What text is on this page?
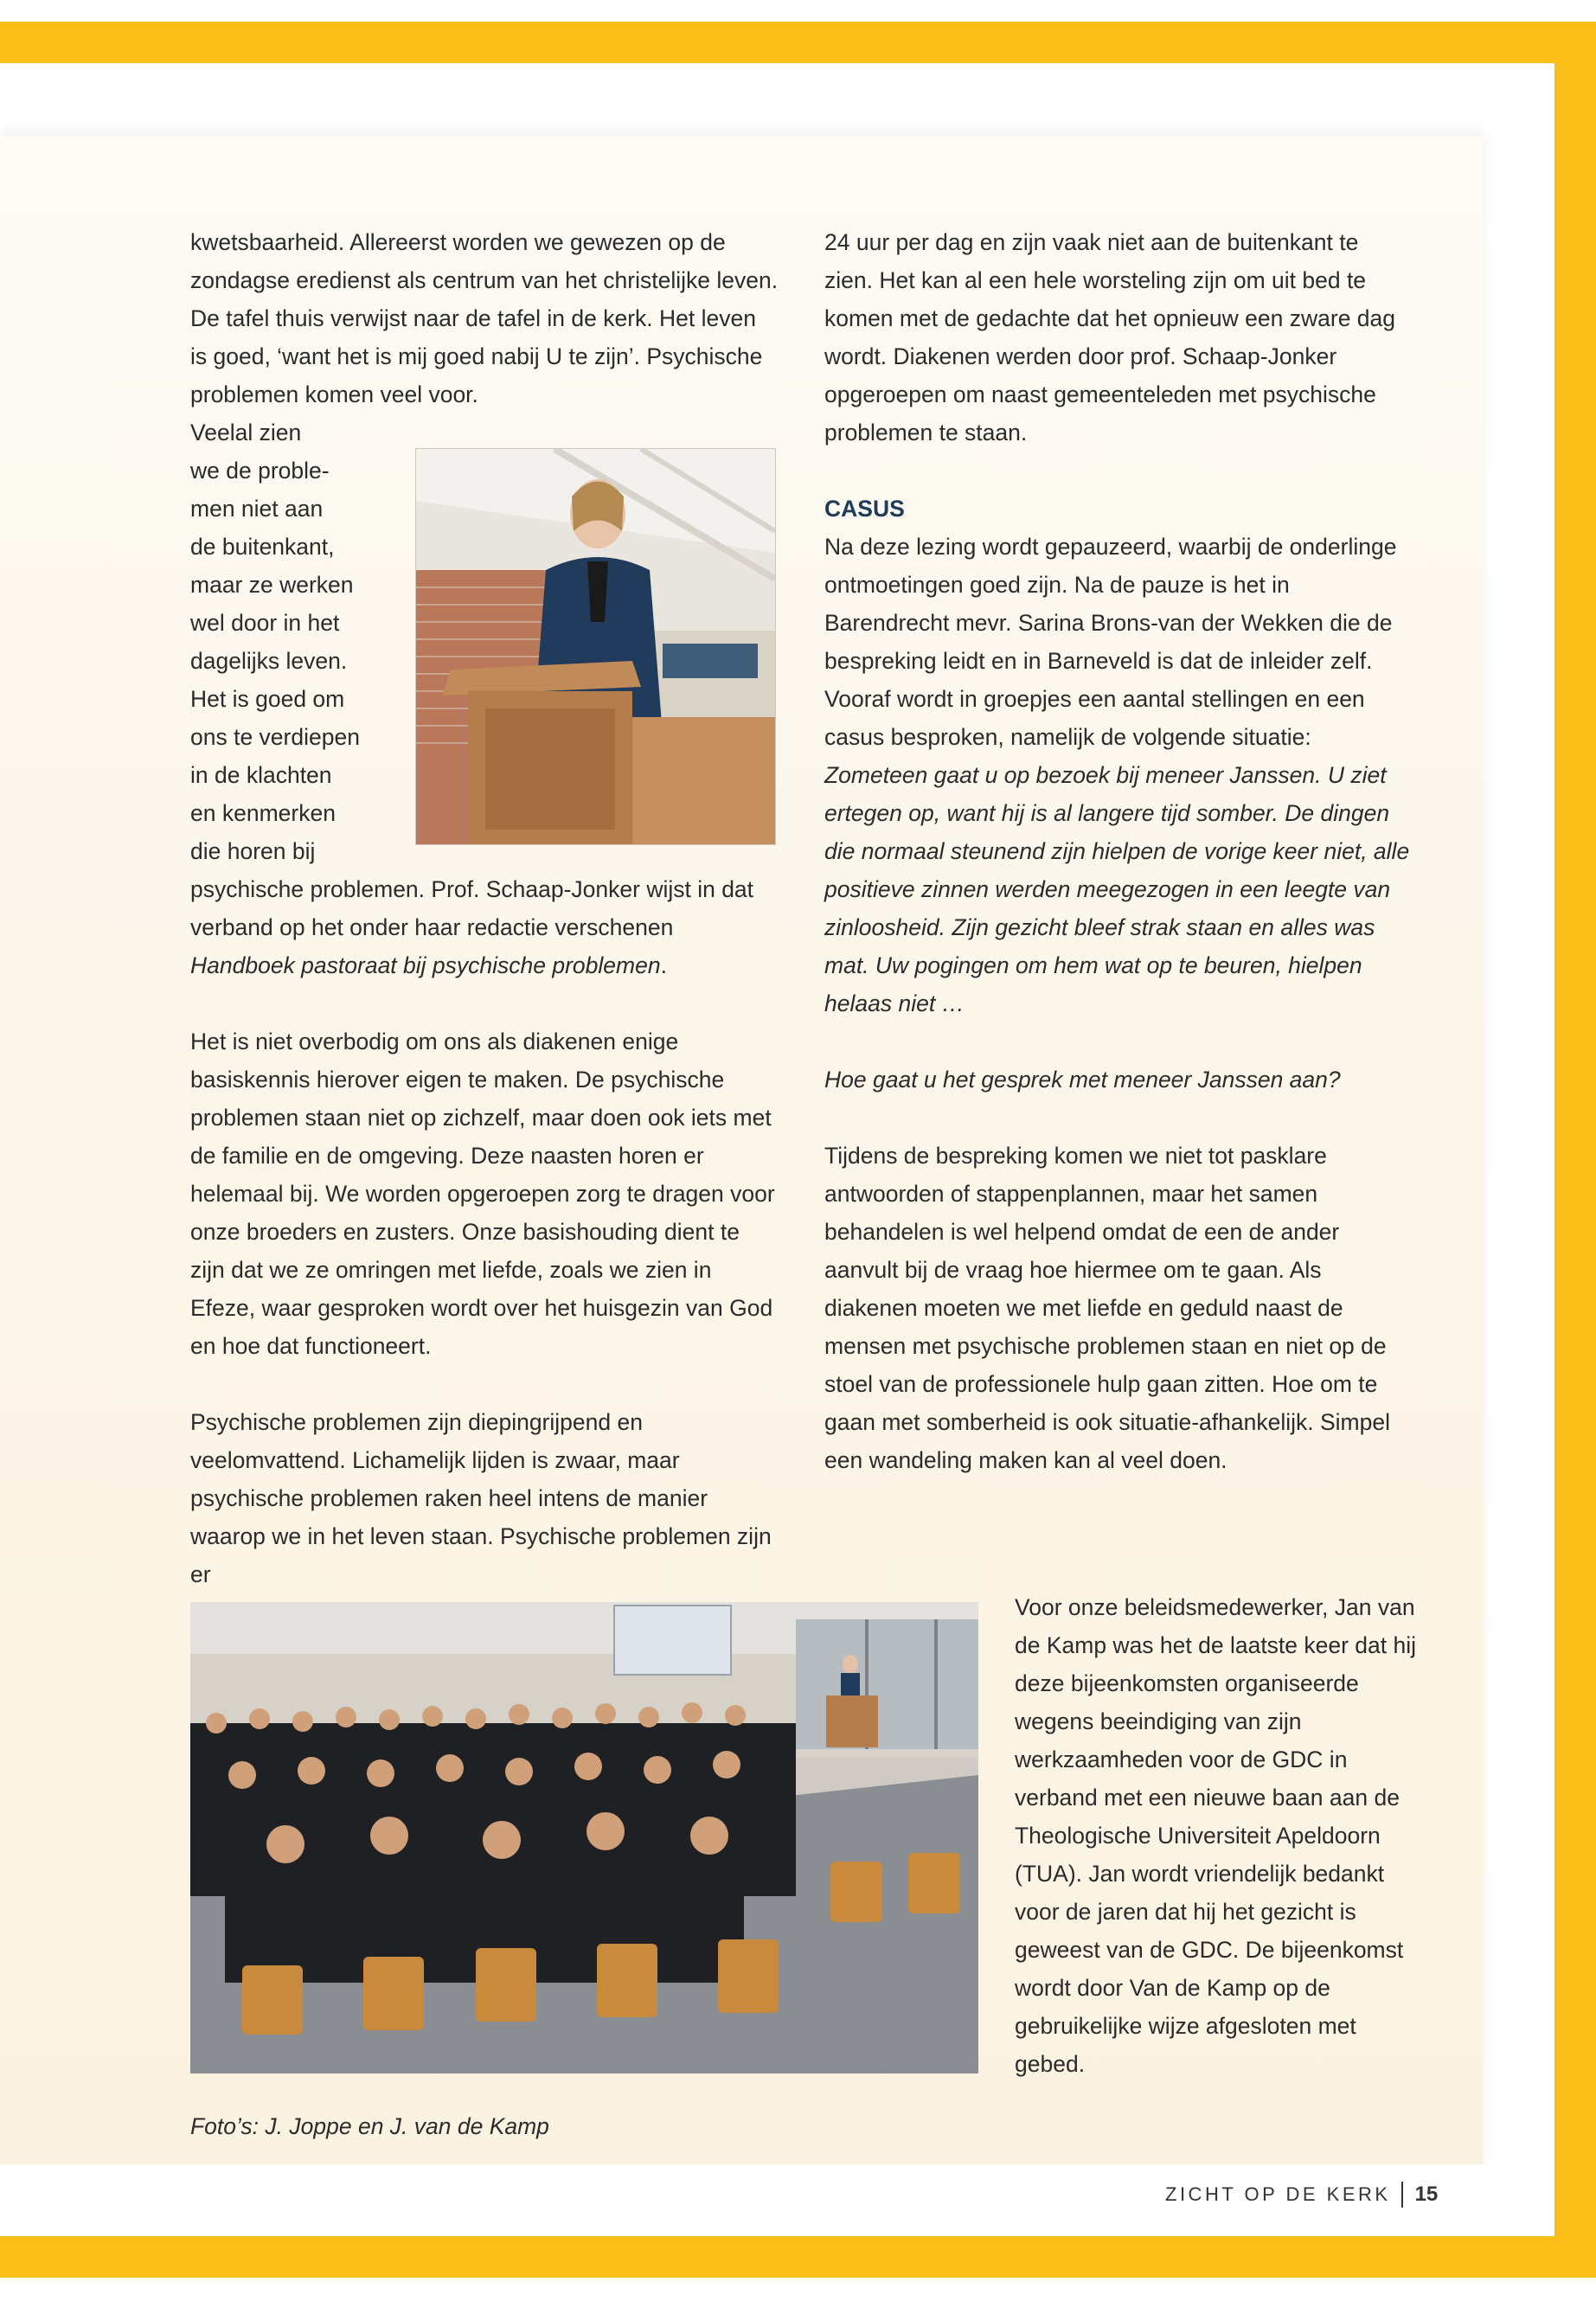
kwetsbaarheid. Allereerst worden we gewezen op de zondagse eredienst als centrum van het christelijke leven. De tafel thuis verwijst naar de tafel in de kerk. Het leven is goed, ‘want het is mij goed nabij U te zijn’. Psychische problemen komen veel voor.

Veelal zien
we de proble-
men niet aan
de buitenkant,
maar ze werken
wel door in het
dagelijks leven.
Het is goed om
ons te verdiepen
in de klachten
en kenmerken
die horen bij

psychische problemen. Prof. Schaap-Jonker wijst in dat verband op het onder haar redactie verschenen Handboek pastoraat bij psychische problemen.

Het is niet overbodig om ons als diakenen enige basiskennis hierover eigen te maken. De psychische problemen staan niet op zichzelf, maar doen ook iets met de familie en de omgeving. Deze naasten horen er helemaal bij. We worden opgeroepen zorg te dragen voor onze broeders en zusters. Onze basishouding dient te zijn dat we ze omringen met liefde, zoals we zien in Efeze, waar gesproken wordt over het huisgezin van God en hoe dat functioneert.

Psychische problemen zijn diepingrijpend en veelomvattend. Lichamelijk lijden is zwaar, maar psychische problemen raken heel intens de manier waarop we in het leven staan. Psychische problemen zijn er

24 uur per dag en zijn vaak niet aan de buitenkant te zien. Het kan al een hele worsteling zijn om uit bed te komen met de gedachte dat het opnieuw een zware dag wordt. Diakenen werden door prof. Schaap-Jonker opgeroepen om naast gemeenteleden met psychische problemen te staan.

CASUS

Na deze lezing wordt gepauzeerd, waarbij de onderlinge ontmoetingen goed zijn. Na de pauze is het in Barendrecht mevr. Sarina Brons-van der Wekken die de bespreking leidt en in Barneveld is dat de inleider zelf. Vooraf wordt in groepjes een aantal stellingen en een casus besproken, namelijk de volgende situatie:

Zometeen gaat u op bezoek bij meneer Janssen. U ziet ertegen op, want hij is al langere tijd somber. De dingen die normaal steunend zijn hielpen de vorige keer niet, alle positieve zinnen werden meegezogen in een leegte van zinloosheid. Zijn gezicht bleef strak staan en alles was mat. Uw pogingen om hem wat op te beuren, hielpen helaas niet …

Hoe gaat u het gesprek met meneer Janssen aan?

Tijdens de bespreking komen we niet tot pasklare antwoorden of stappenplannen, maar het samen behandelen is wel helpend omdat de een de ander aanvult bij de vraag hoe hiermee om te gaan. Als diakenen moeten we met liefde en geduld naast de mensen met psychische problemen staan en niet op de stoel van de professionele hulp gaan zitten. Hoe om te gaan met somberheid is ook situatie-afhankelijk. Simpel een wandeling maken kan al veel doen.

Voor onze beleidsmedewerker, Jan van de Kamp was het de laatste keer dat hij deze bijeenkomsten organiseerde wegens beeindiging van zijn werkzaamheden voor de GDC in verband met een nieuwe baan aan de Theologische Universiteit Apeldoorn (TUA). Jan wordt vriendelijk bedankt voor de jaren dat hij het gezicht is geweest van de GDC. De bijeenkomst wordt door Van de Kamp op de gebruikelijke wijze afgesloten met gebed.

Foto’s: J. Joppe en J. van de Kamp
ZICHT OP DE KERK 15
